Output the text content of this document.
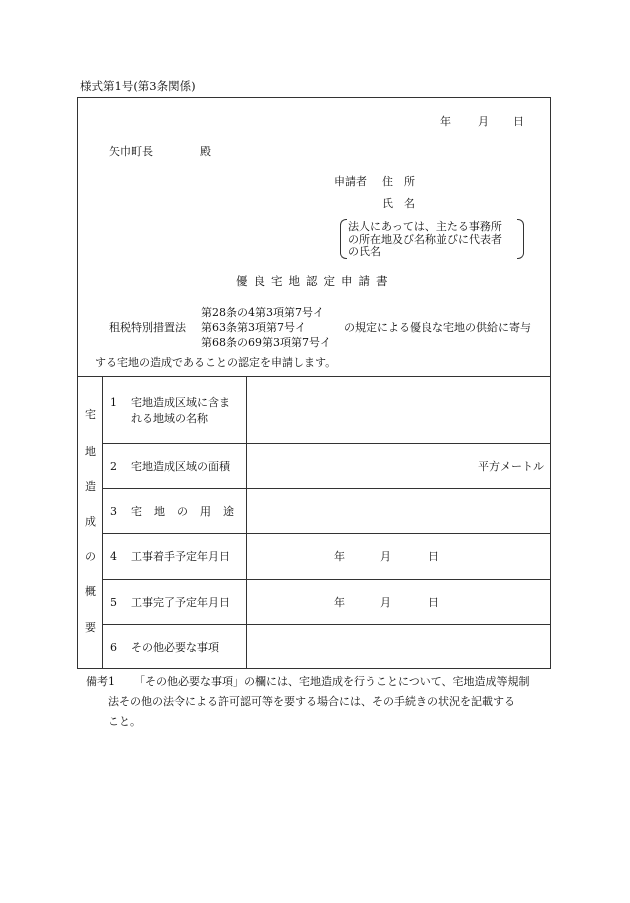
様式第1号(第3条関係)
年 月 日
矢巾町長	殿
申請者 住　所
氏　名
法人にあっては、主たる事務所
の所在地及び名称並びに代表者
の氏名
優良宅地認定申請書
第28条の4第3項第7号イ
租税特別措置法 第63条第3項第7号イ	の規定による優良な宅地の供給に寄与
第68条の69第3項第7号イ
する宅地の造成であることの認定を申請します。
宅
地
造
成
の
概
要
1 宅地造成区域に含ま
れる地域の名称
2 宅地造成区域の面積	平方メートル
3 宅地の用途
4 工事着手予定年月日	年	月	日
5 工事完了予定年月日	年	月	日
6 その他必要な事項
備考1 「その他必要な事項」の欄には、宅地造成を行うことについて、宅地造成等規制
法その他の法令による許可認可等を要する場合には、その手続きの状況を記載する
こと。
